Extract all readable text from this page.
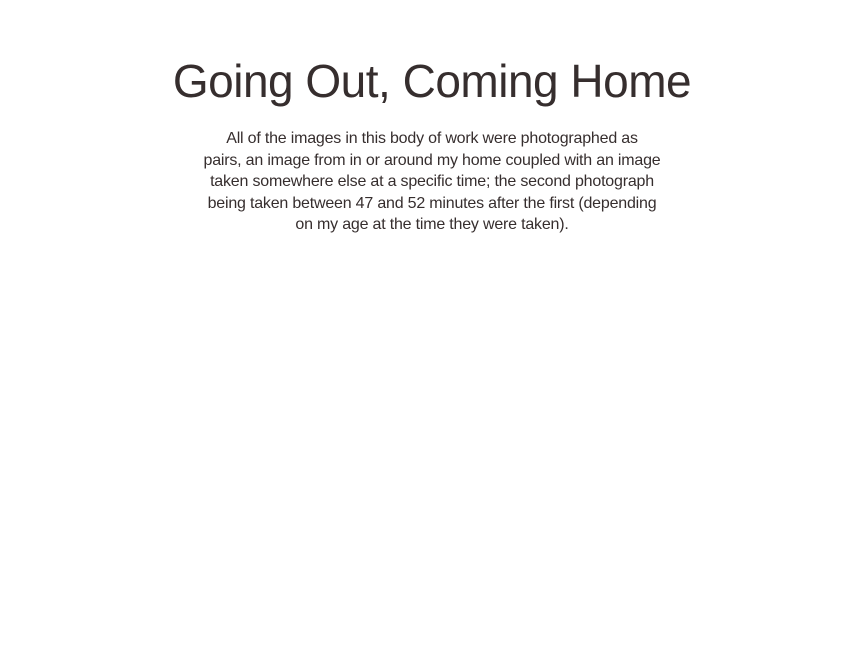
Going Out, Coming Home
All of the images in this body of work were photographed as
pairs, an image from in or around my home coupled with an image
taken somewhere else at a specific time; the second photograph
being taken between 47 and 52 minutes after the first (depending
on my age at the time they were taken).
